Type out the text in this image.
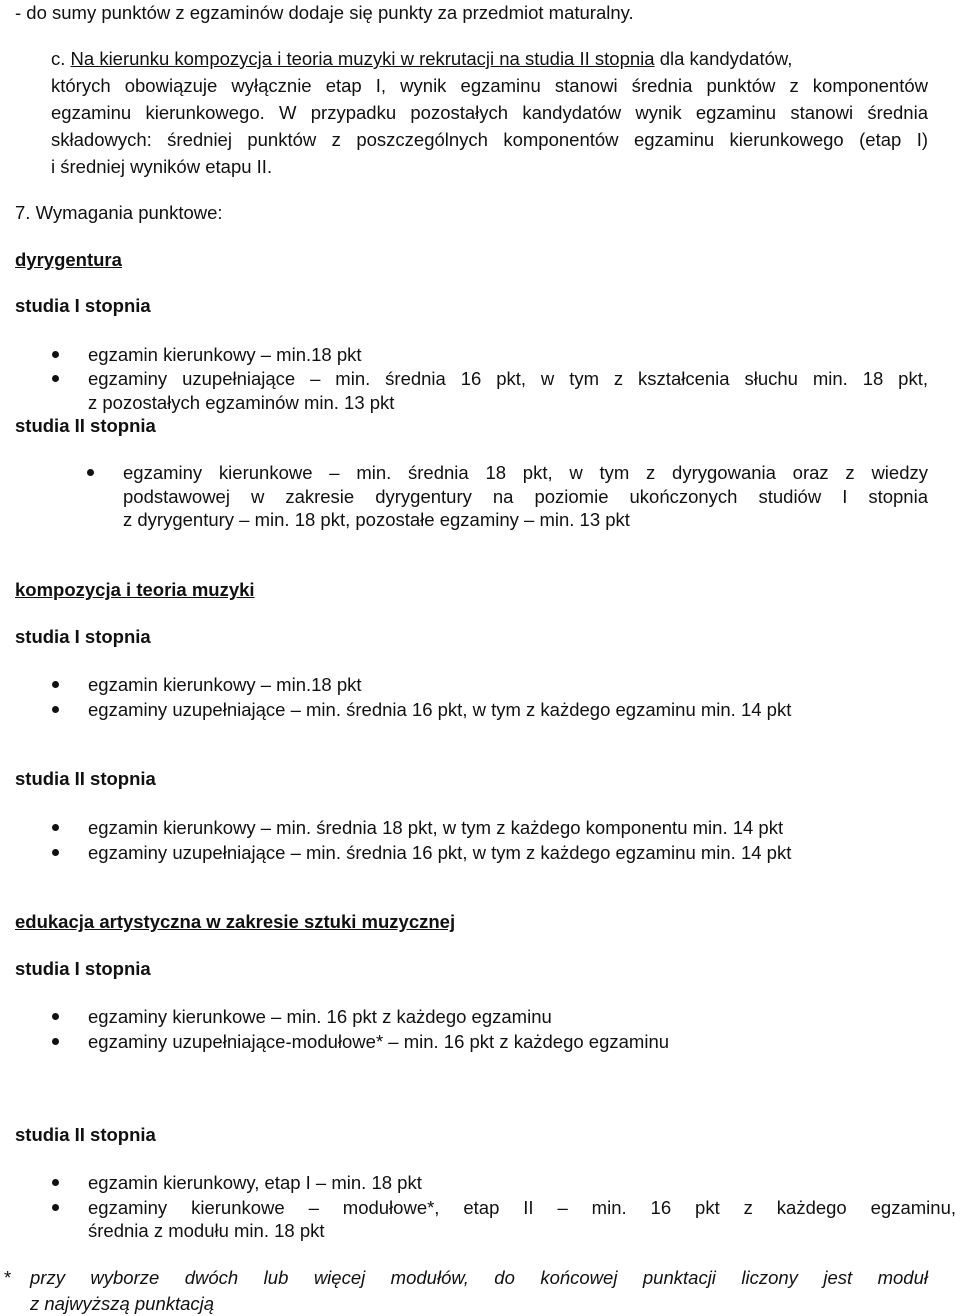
- do sumy punktów z egzaminów dodaje się punkty za przedmiot maturalny.
c. Na kierunku kompozycja i teoria muzyki w rekrutacji na studia II stopnia dla kandydatów,
których obowiązuje wyłącznie etap I, wynik egzaminu stanowi średnia punktów z komponentów
egzaminu kierunkowego. W przypadku pozostałych kandydatów wynik egzaminu stanowi średnia
składowych: średniej punktów z poszczególnych komponentów egzaminu kierunkowego (etap I)
i średniej wyników etapu II.
7. Wymagania punktowe:
dyrygentura
studia I stopnia
egzamin kierunkowy – min.18 pkt
egzaminy uzupełniające – min. średnia 16 pkt, w tym z kształcenia słuchu min. 18 pkt,
z pozostałych egzaminów min. 13 pkt
studia II stopnia
egzaminy kierunkowe – min. średnia 18 pkt, w tym z dyrygowania oraz z wiedzy
podstawowej w zakresie dyrygentury na poziomie ukończonych studiów I stopnia
z dyrygentury – min. 18 pkt, pozostałe egzaminy – min. 13 pkt
kompozycja i teoria muzyki
studia I stopnia
egzamin kierunkowy – min.18 pkt
egzaminy uzupełniające – min. średnia 16 pkt, w tym z każdego egzaminu min. 14 pkt
studia II stopnia
egzamin kierunkowy – min. średnia 18 pkt, w tym z każdego komponentu min. 14 pkt
egzaminy uzupełniające – min. średnia 16 pkt, w tym z każdego egzaminu min. 14 pkt
edukacja artystyczna w zakresie sztuki muzycznej
studia I stopnia
egzaminy kierunkowe – min. 16 pkt z każdego egzaminu
egzaminy uzupełniające-modułowe* – min. 16 pkt z każdego egzaminu
studia II stopnia
egzamin kierunkowy, etap I – min. 18 pkt
egzaminy kierunkowe – modułowe*, etap II – min. 16 pkt z każdego egzaminu,
średnia z modułu min. 18 pkt
* przy wyborze dwóch lub więcej modułów, do końcowej punktacji liczony jest moduł
z najwyższą punktacją
